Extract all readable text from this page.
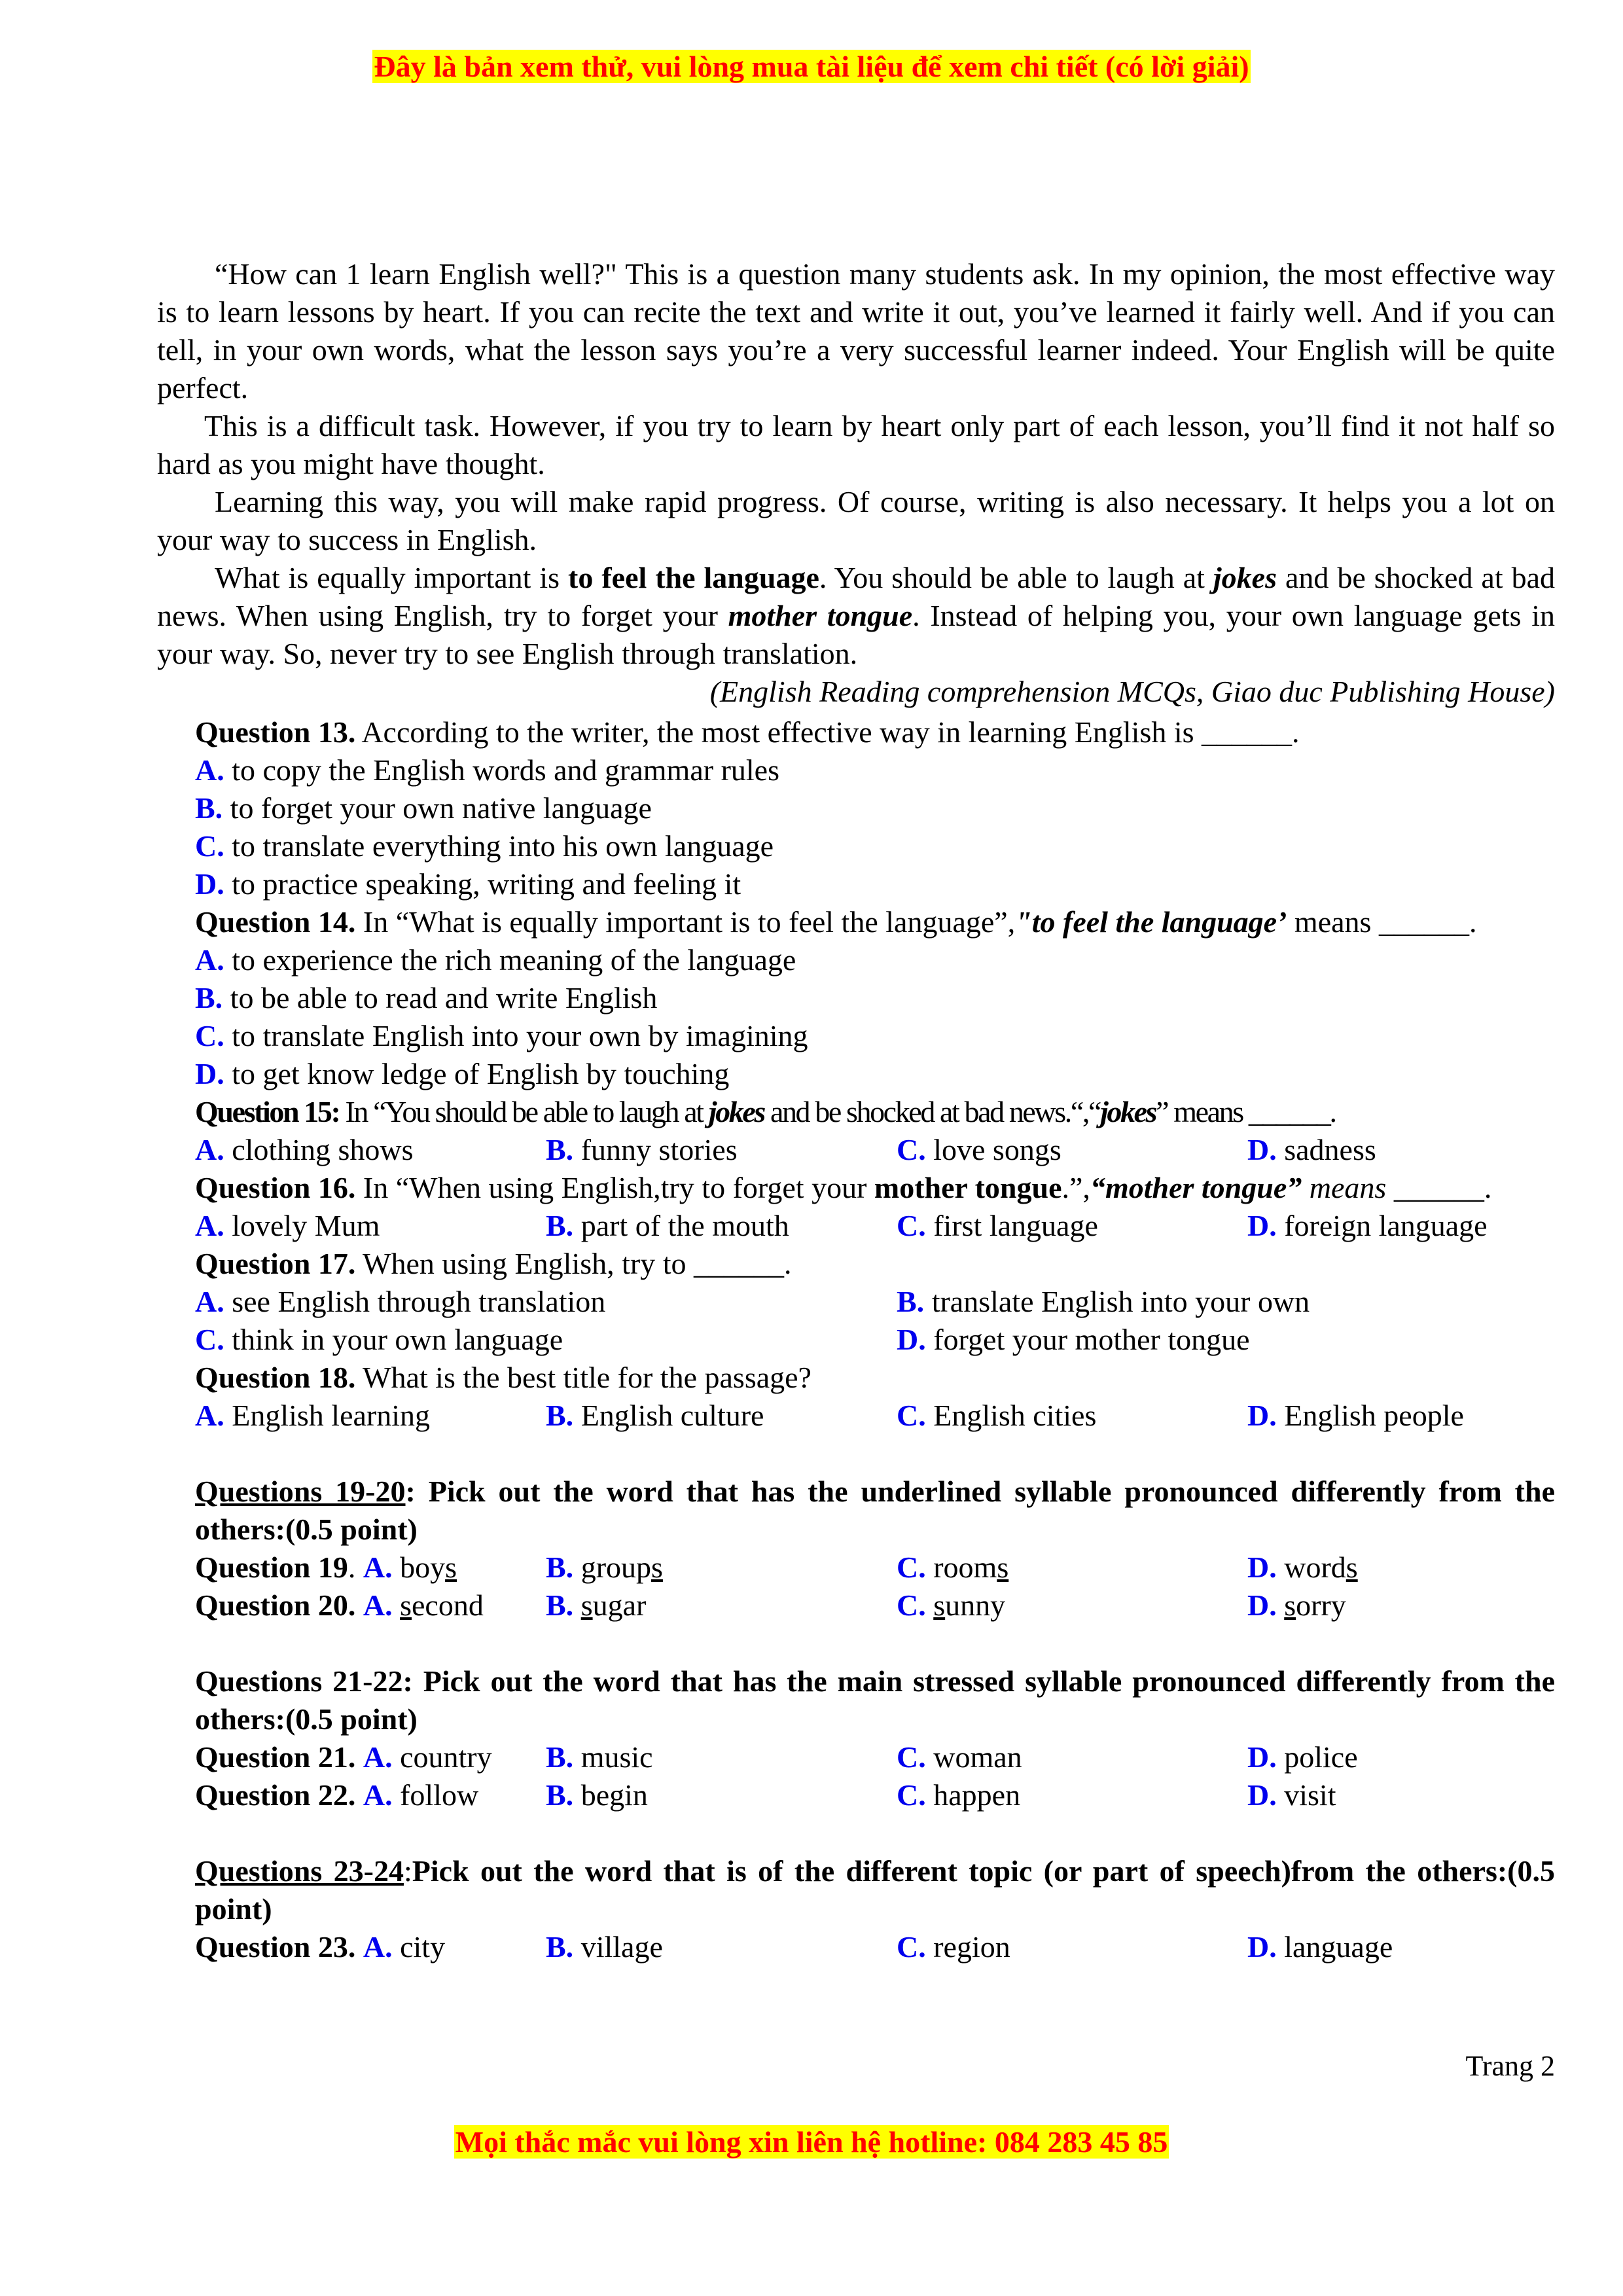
Đây là bản xem thử, vui lòng mua tài liệu để xem chi tiết (có lời giải)

“How can 1 learn English well?" This is a question many students ask. In my opinion, the most effective way is to learn lessons by heart. If you can recite the text and write it out, you’ve learned it fairly well. And if you can tell, in your own words, what the lesson says you’re a very successful learner indeed. Your English will be quite perfect.

This is a difficult task. However, if you try to learn by heart only part of each lesson, you’ll find it not half so hard as you might have thought.

Learning this way, you will make rapid progress. Of course, writing is also necessary. It helps you a lot on your way to success in English.

What is equally important is to feel the language. You should be able to laugh at jokes and be shocked at bad news. When using English, try to forget your mother tongue. Instead of helping you, your own language gets in your way. So, never try to see English through translation.

(English Reading comprehension MCQs, Giao duc Publishing House)

Question 13. According to the writer, the most effective way in learning English is ______.

A. to copy the English words and grammar rules
B. to forget your own native language
C. to translate everything into his own language
D. to practice speaking, writing and feeling it

Question 14. In “What is equally important is to feel the language”,"to feel the language’ means ______.

A. to experience the rich meaning of the language
B. to be able to read and write English
C. to translate English into your own by imagining
D. to get know ledge of English by touching

Question 15: In “You should be able to laugh at jokes and be shocked at bad news.“,“jokes” means ______.

A. clothing shows	B. funny stories	C. love songs	D. sadness

Question 16. In “When using English,try to forget your mother tongue.”,“mother tongue” means ______.

A. lovely Mum	B. part of the mouth	C. first language	D. foreign language

Question 17. When using English, try to ______.

A. see English through translation	B. translate English into your own
C. think in your own language	D. forget your mother tongue

Question 18. What is the best title for the passage?

A. English learning	B. English culture	C. English cities	D. English people

Questions 19-20: Pick out the word that has the underlined syllable pronounced differently from the others:(0.5 point)

Question 19. A. boys	B. groups	C. rooms	D. words
Question 20. A. second	B. sugar	C. sunny	D. sorry

Questions 21-22: Pick out the word that has the main stressed syllable pronounced differently from the others:(0.5 point)

Question 21. A. country	B. music	C. woman	D. police
Question 22. A. follow	B. begin	C. happen	D. visit

Questions 23-24:Pick out the word that is of the different topic (or part of speech)from the others:(0.5 point)

Question 23. A. city	B. village	C. region	D. language
Trang 2
Mọi thắc mắc vui lòng xin liên hệ hotline: 084 283 45 85
